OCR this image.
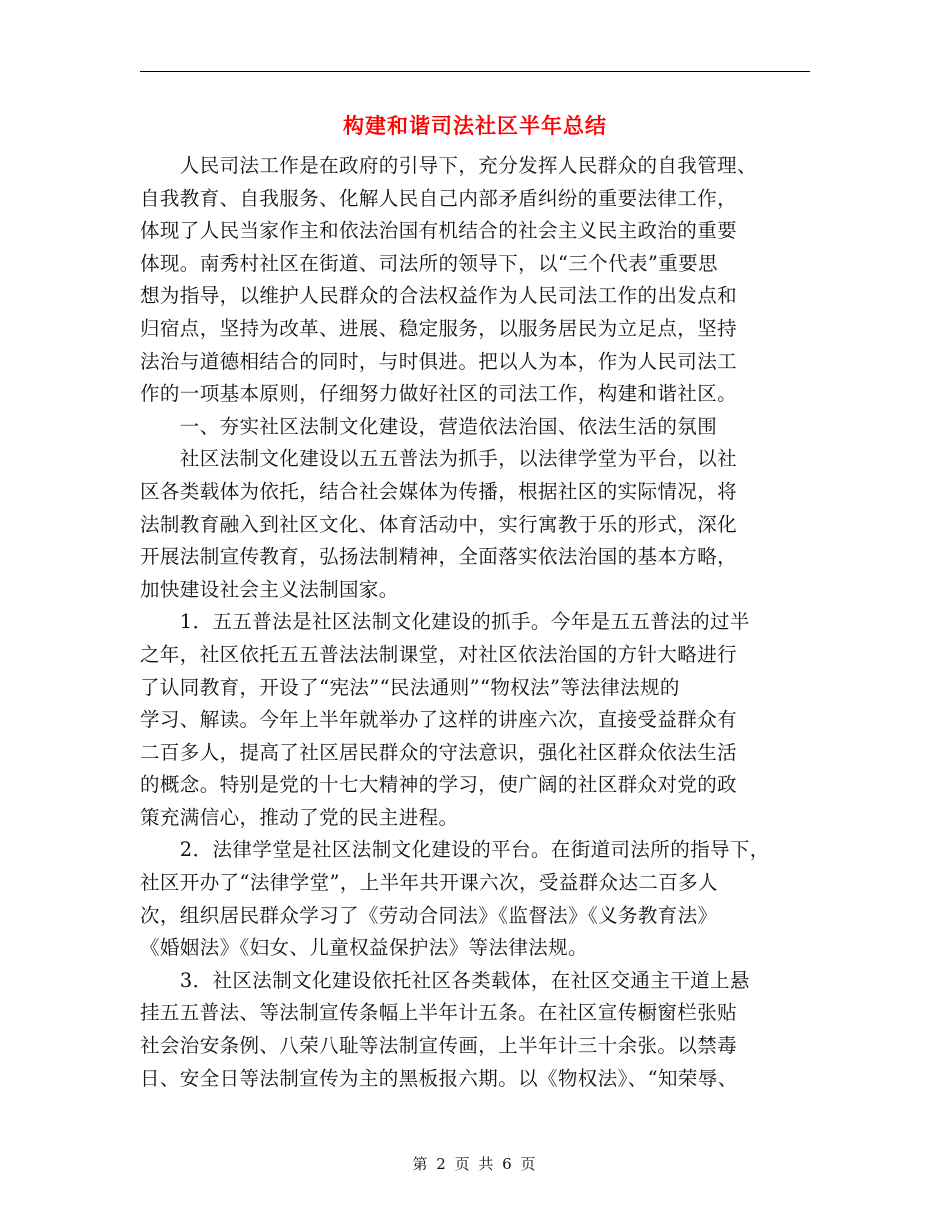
构建和谐司法社区半年总结
　　人民司法工作是在政府的引导下，充分发挥人民群众的自我管理、
自我教育、自我服务、化解人民自己内部矛盾纠纷的重要法律工作，
体现了人民当家作主和依法治国有机结合的社会主义民主政治的重要
体现。南秀村社区在街道、司法所的领导下，以“三个代表”重要思
想为指导，以维护人民群众的合法权益作为人民司法工作的出发点和
归宿点，坚持为改革、进展、稳定服务，以服务居民为立足点，坚持
法治与道德相结合的同时，与时俱进。把以人为本，作为人民司法工
作的一项基本原则，仔细努力做好社区的司法工作，构建和谐社区。
　　一、夯实社区法制文化建设，营造依法治国、依法生活的氛围
　　社区法制文化建设以五五普法为抓手，以法律学堂为平台，以社
区各类载体为依托，结合社会媒体为传播，根据社区的实际情况，将
法制教育融入到社区文化、体育活动中，实行寓教于乐的形式，深化
开展法制宣传教育，弘扬法制精神，全面落实依法治国的基本方略，
加快建设社会主义法制国家。
　　1．五五普法是社区法制文化建设的抓手。今年是五五普法的过半
之年，社区依托五五普法法制课堂，对社区依法治国的方针大略进行
了认同教育，开设了“宪法”“民法通则”“物权法”等法律法规的
学习、解读。今年上半年就举办了这样的讲座六次，直接受益群众有
二百多人，提高了社区居民群众的守法意识，强化社区群众依法生活
的概念。特别是党的十七大精神的学习，使广阔的社区群众对党的政
策充满信心，推动了党的民主进程。
　　2．法律学堂是社区法制文化建设的平台。在街道司法所的指导下，
社区开办了“法律学堂”，上半年共开课六次，受益群众达二百多人
次，组织居民群众学习了《劳动合同法》《监督法》《义务教育法》
《婚姻法》《妇女、儿童权益保护法》等法律法规。
　　3．社区法制文化建设依托社区各类载体，在社区交通主干道上悬
挂五五普法、等法制宣传条幅上半年计五条。在社区宣传橱窗栏张贴
社会治安条例、八荣八耻等法制宣传画，上半年计三十余张。以禁毒
日、安全日等法制宣传为主的黑板报六期。以《物权法》、“知荣辱、
第 2 页 共 6 页
